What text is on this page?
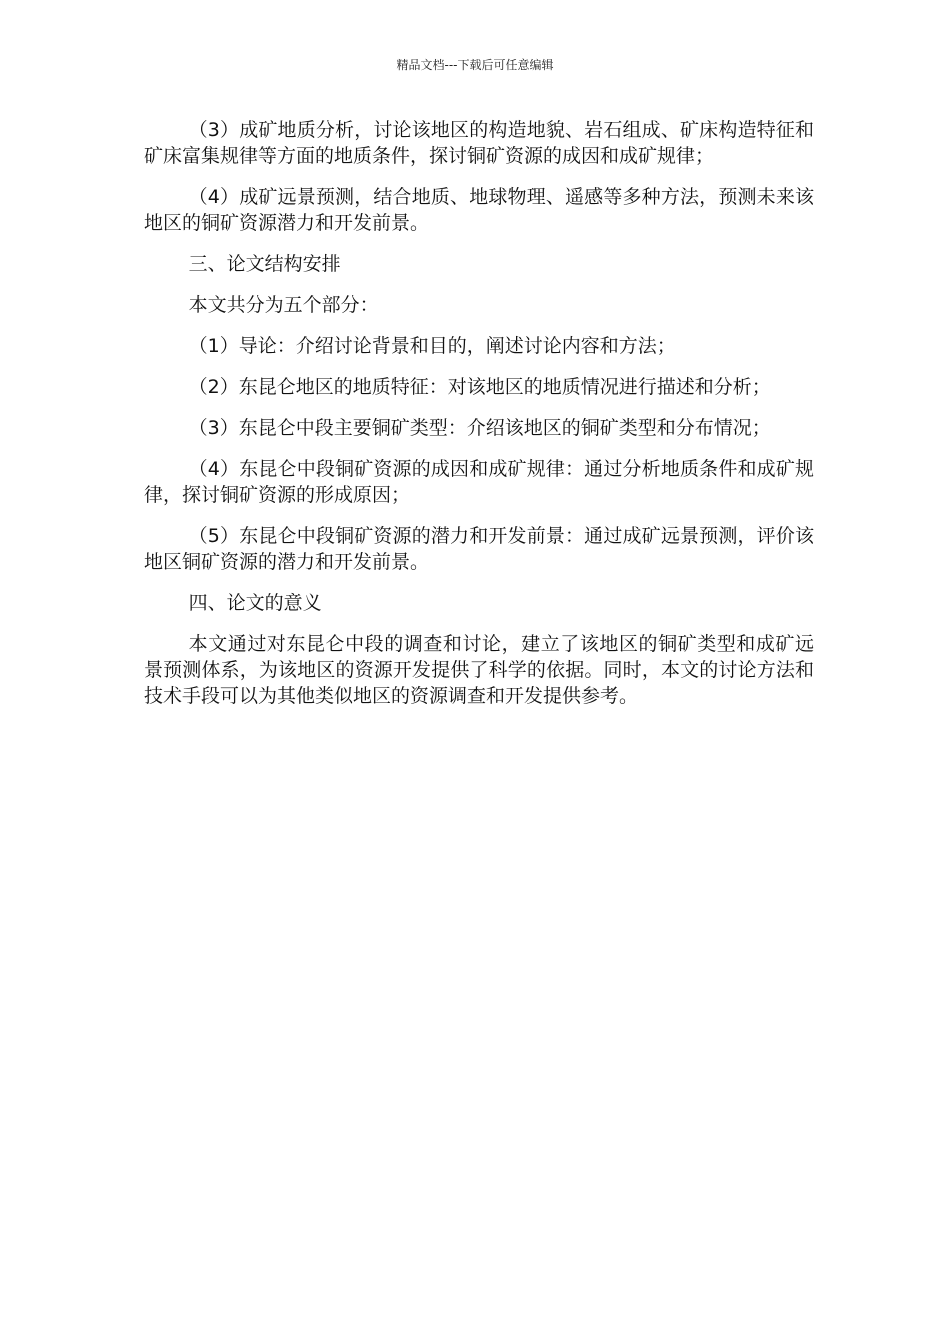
精品文档---下载后可任意编辑

（3）成矿地质分析，讨论该地区的构造地貌、岩石组成、矿床构造特征和矿床富集规律等方面的地质条件，探讨铜矿资源的成因和成矿规律；

（4）成矿远景预测，结合地质、地球物理、遥感等多种方法，预测未来该地区的铜矿资源潜力和开发前景。

三、论文结构安排

本文共分为五个部分：

（1）导论：介绍讨论背景和目的，阐述讨论内容和方法；

（2）东昆仑地区的地质特征：对该地区的地质情况进行描述和分析；

（3）东昆仑中段主要铜矿类型：介绍该地区的铜矿类型和分布情况；

（4）东昆仑中段铜矿资源的成因和成矿规律：通过分析地质条件和成矿规律，探讨铜矿资源的形成原因；

（5）东昆仑中段铜矿资源的潜力和开发前景：通过成矿远景预测，评价该地区铜矿资源的潜力和开发前景。

四、论文的意义

本文通过对东昆仑中段的调查和讨论，建立了该地区的铜矿类型和成矿远景预测体系，为该地区的资源开发提供了科学的依据。同时，本文的讨论方法和技术手段可以为其他类似地区的资源调查和开发提供参考。
